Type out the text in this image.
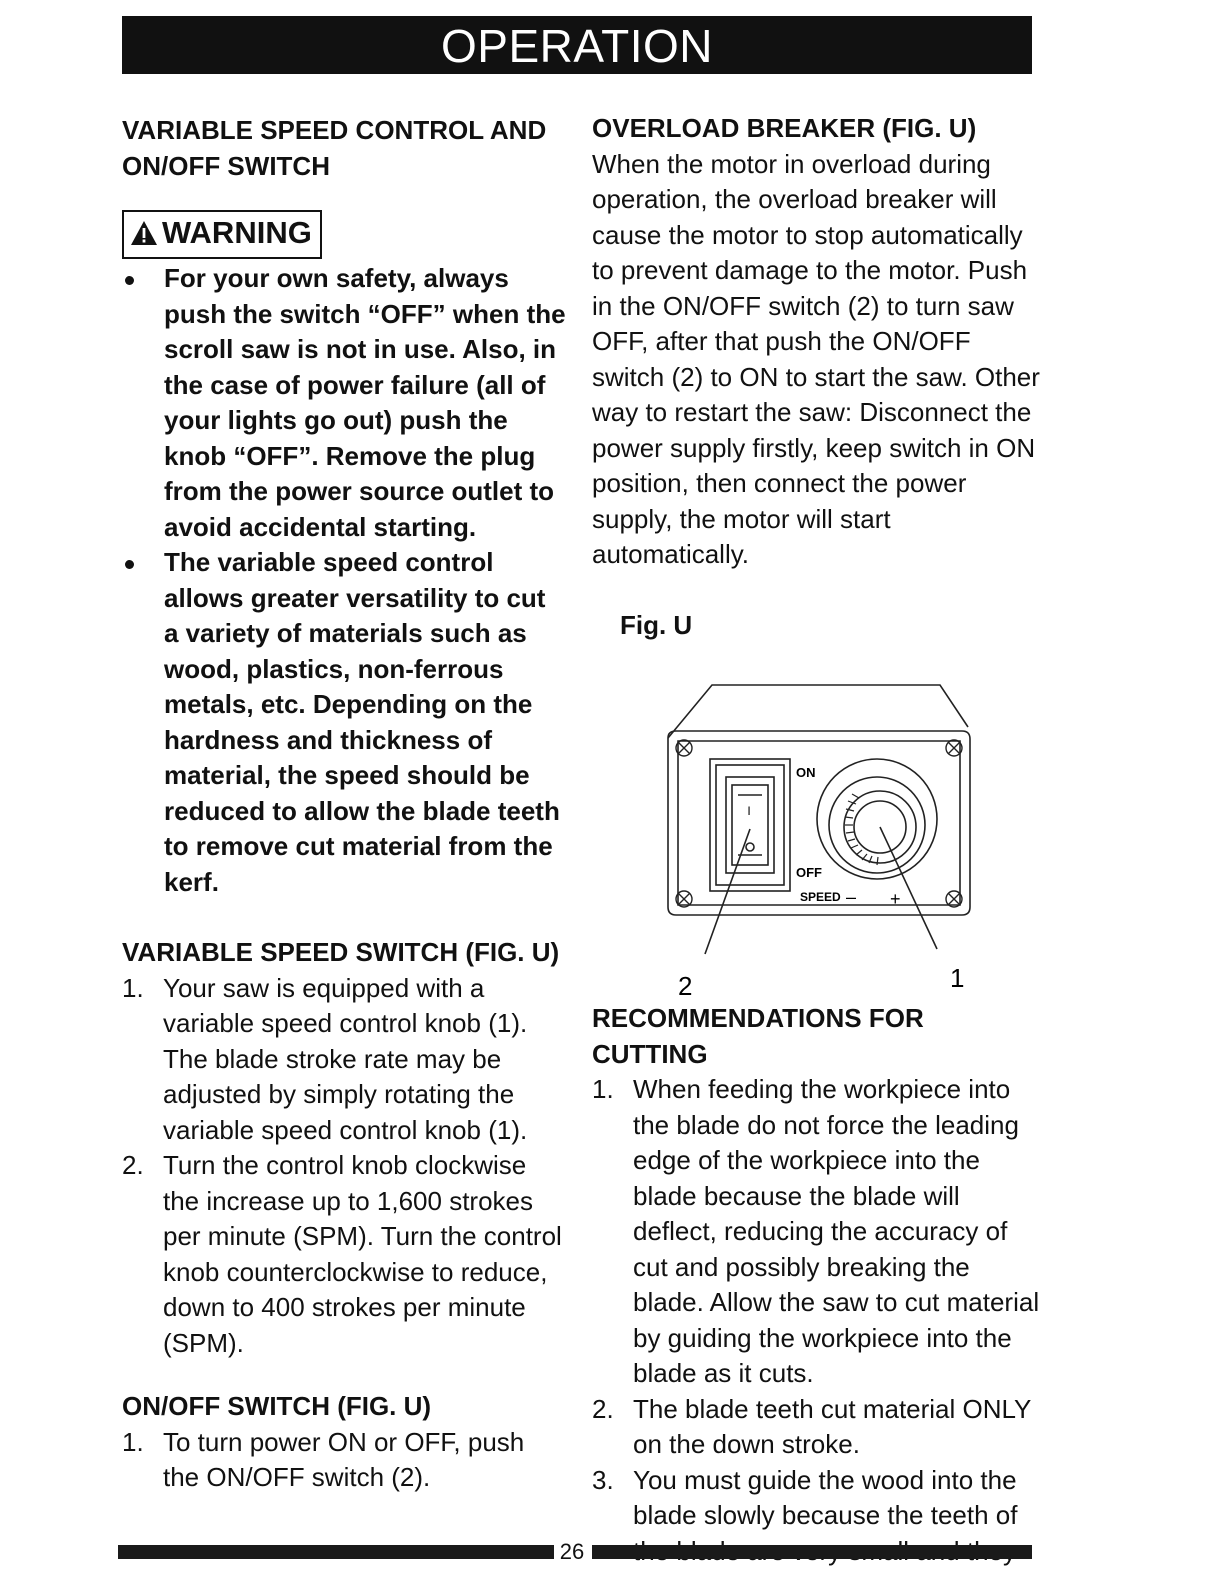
OPERATION
VARIABLE SPEED CONTROL AND
ON/OFF SWITCH
WARNING
For your own safety, always push the switch “OFF” when the scroll saw is not in use. Also, in the case of power failure (all of your lights go out) push the knob “OFF”. Remove the plug from the power source outlet to avoid accidental starting.
The variable speed control allows greater versatility to cut a variety of materials such as wood, plastics, non-ferrous metals, etc. Depending on the hardness and thickness of material, the speed should be reduced to allow the blade teeth to remove cut material from the kerf.
VARIABLE SPEED SWITCH (FIG. U)
1. Your saw is equipped with a variable speed control knob (1). The blade stroke rate may be adjusted by simply rotating the variable speed control knob (1).
2. Turn the control knob clockwise the increase up to 1,600 strokes per minute (SPM). Turn the control knob counterclockwise to reduce, down to 400 strokes per minute (SPM).
ON/OFF SWITCH (FIG. U)
1. To turn power ON or OFF, push the ON/OFF switch (2).
OVERLOAD BREAKER (FIG. U)

When the motor in overload during operation, the overload breaker will cause the motor to stop automatically to prevent damage to the motor. Push in the ON/OFF switch (2) to turn saw OFF, after that push the ON/OFF switch (2) to ON to start the saw. Other way to restart the saw: Disconnect the power supply firstly, keep switch in ON position, then connect the power supply, the motor will start automatically.

Fig. U

I
ON
OFF
SPEED – +
2	1
RECOMMENDATIONS FOR CUTTING
1. When feeding the workpiece into the blade do not force the leading edge of the workpiece into the blade because the blade will deflect, reducing the accuracy of cut and possibly breaking the blade. Allow the saw to cut material by guiding the workpiece into the blade as it cuts.
2. The blade teeth cut material ONLY on the down stroke.
3. You must guide the wood into the blade slowly because the teeth of
26
